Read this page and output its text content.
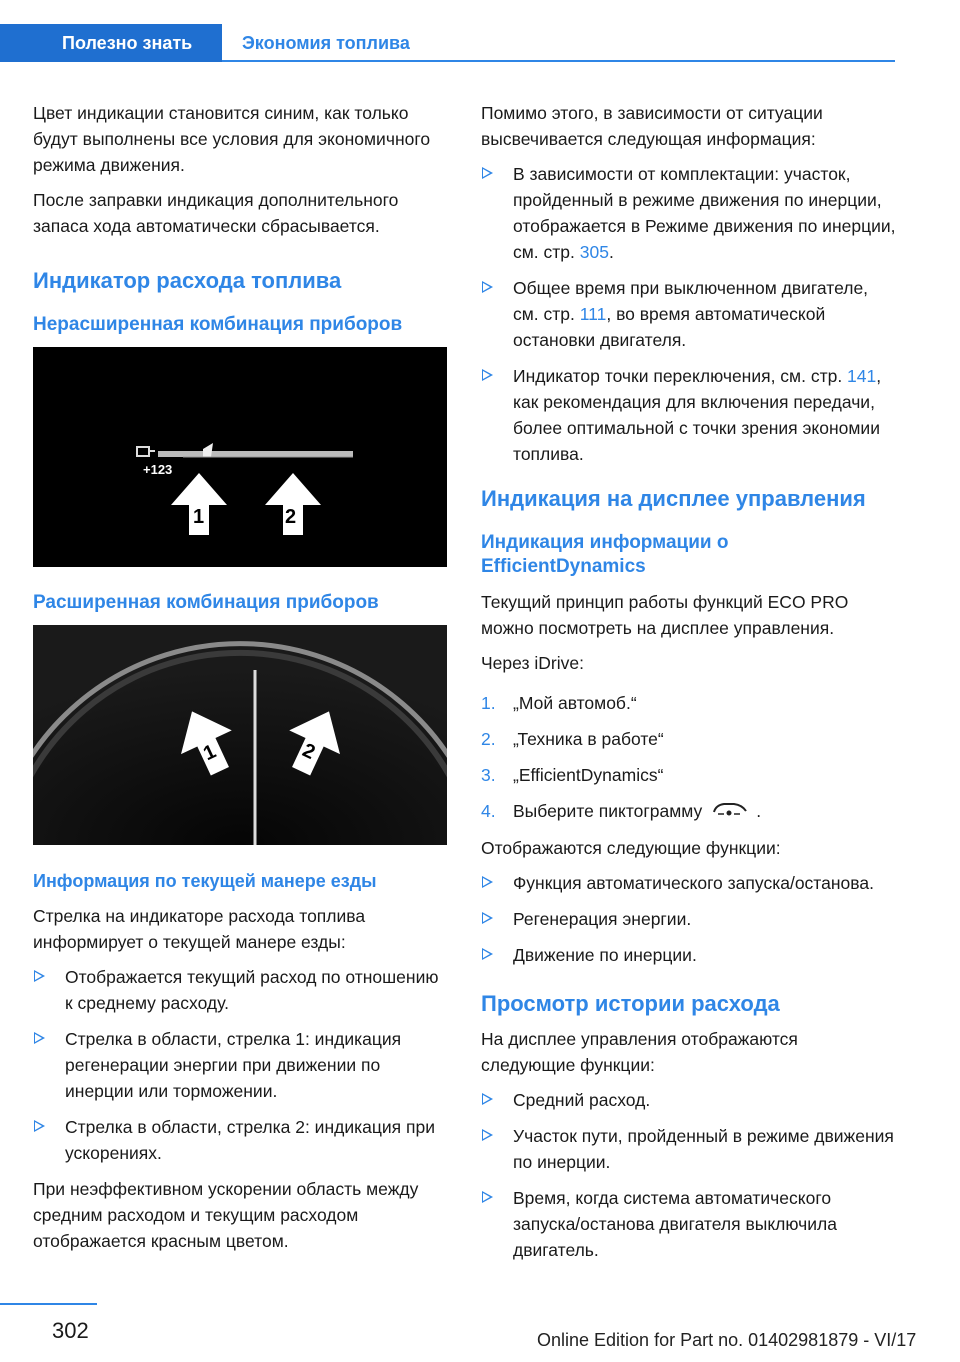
Полезно знать	Экономия топлива

Цвет индикации становится синим, как только будут выполнены все условия для экономичного режима движения.

После заправки индикация дополнительного запаса хода автоматически сбрасывается.

Индикатор расхода топлива
Нерасширенная комбинация приборов
+123
1	2
Расширенная комбинация приборов
1	2
Информация по текущей манере езды

Стрелка на индикаторе расхода топлива информирует о текущей манере езды:

Отображается текущий расход по отношению к среднему расходу.
Стрелка в области, стрелка 1: индикация регенерации энергии при движении по инерции или торможении.
Стрелка в области, стрелка 2: индикация при ускорениях.

При неэффективном ускорении область между средним расходом и текущим расходом отображается красным цветом.

Помимо этого, в зависимости от ситуации высвечивается следующая информация:

В зависимости от комплектации: участок, пройденный в режиме движения по инерции, отображается в Режиме движения по инерции, см. стр. 305.
Общее время при выключенном двигателе, см. стр. 111, во время автоматической остановки двигателя.
Индикатор точки переключения, см. стр. 141, как рекомендация для включения передачи, более оптимальной с точки зрения экономии топлива.
Индикация на дисплее управления
Индикация информации о EfficientDynamics

Текущий принцип работы функций ECO PRO можно посмотреть на дисплее управления.

Через iDrive:

1. „Мой автомоб.“
2. „Техника в работе“
3. „EfficientDynamics“
4. Выберите пиктограмму	.

Отображаются следующие функции:

Функция автоматического запуска/останова.
Регенерация энергии.
Движение по инерции.
Просмотр истории расхода

На дисплее управления отображаются следующие функции:

Средний расход.
Участок пути, пройденный в режиме движения по инерции.
Время, когда система автоматического запуска/останова двигателя выключила двигатель.
302	Online Edition for Part no. 01402981879 - VI/17
